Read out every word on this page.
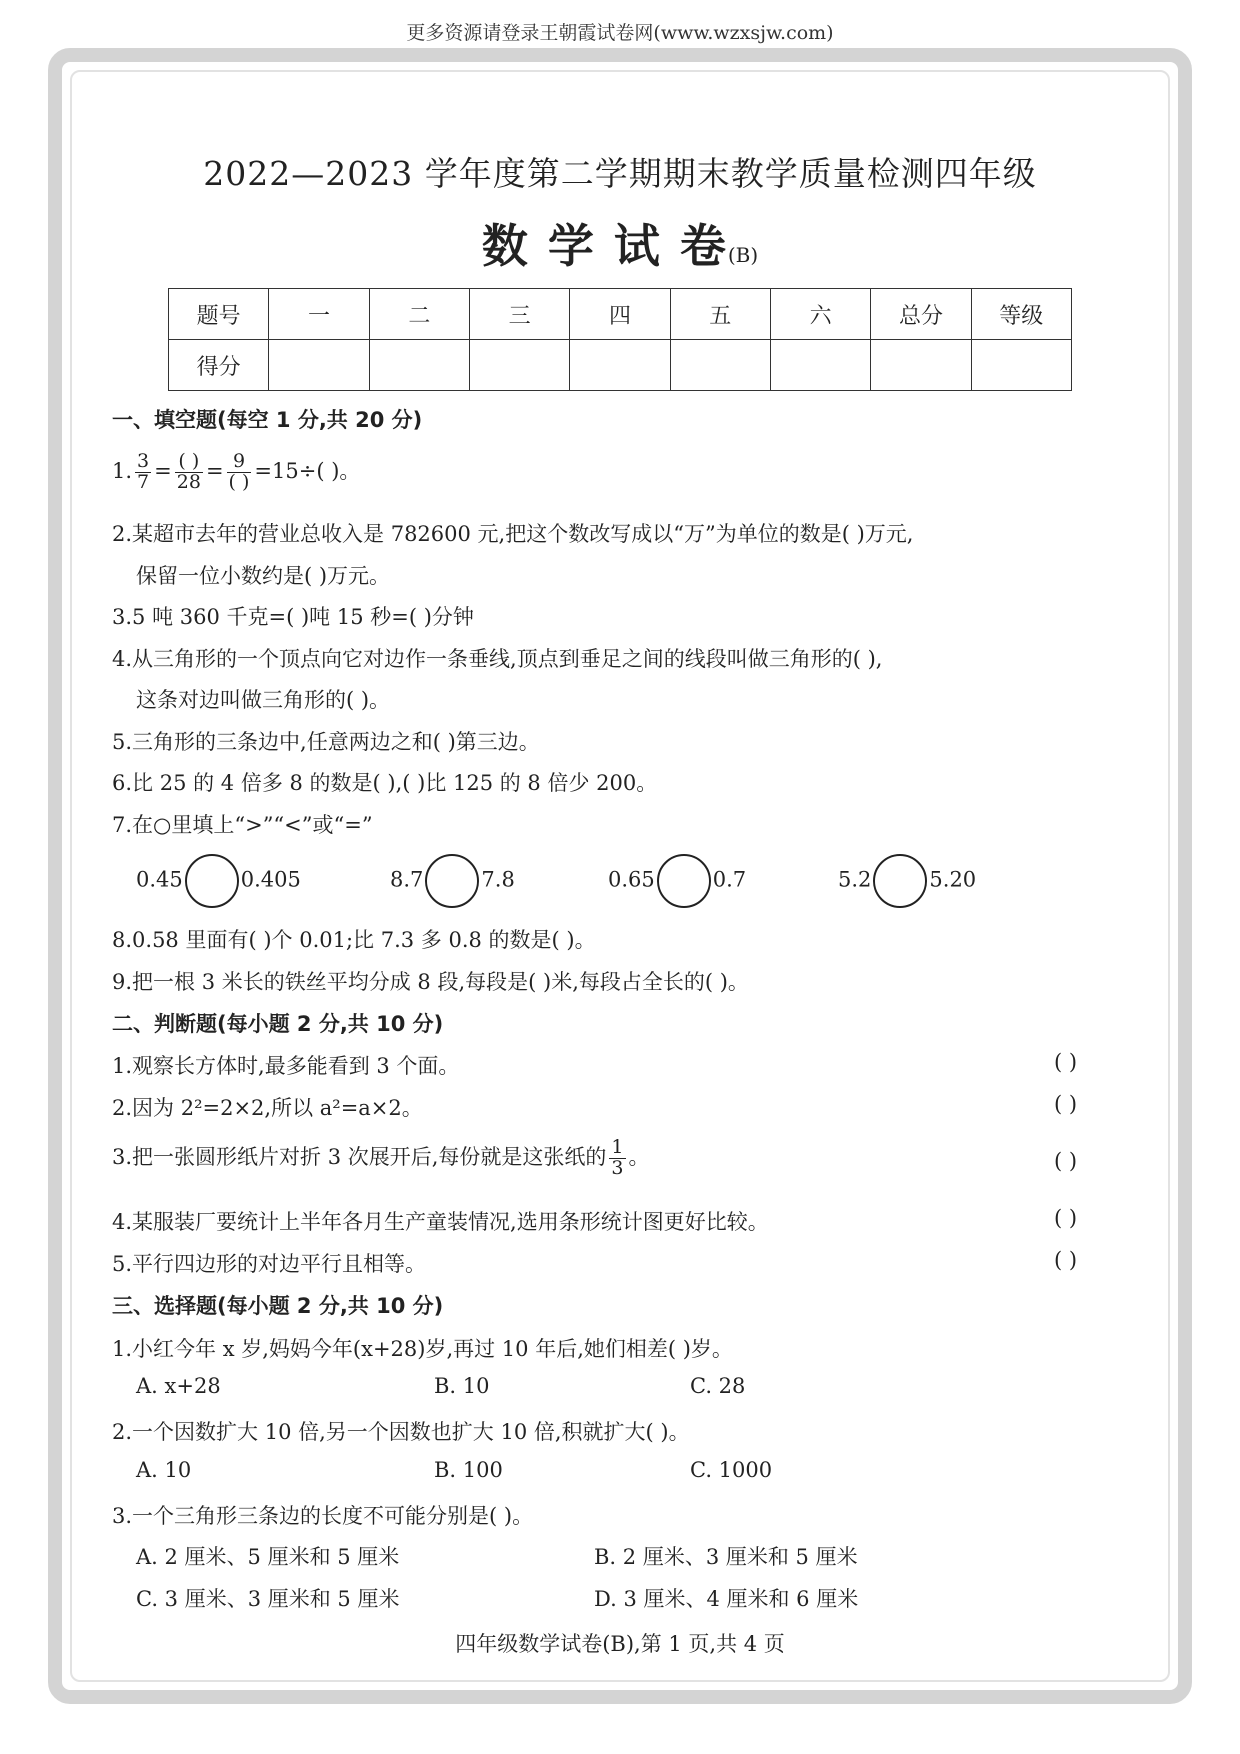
更多资源请登录王朝霞试卷网(www.wzxsjw.com)
2022—2023 学年度第二学期期末教学质量检测四年级
数 学 试 卷(B)
题号	一	二	三	四	五	六	总分	等级
得分								
一、填空题(每空 1 分,共 20 分)
1. $\frac{3}{7} = \frac{( )}{28} = \frac{9}{( )} =15\div$( )。
2.某超市去年的营业总收入是 782600 元,把这个数改写成以“万”为单位的数是( )万元,
保留一位小数约是( )万元。
3.5 吨 360 千克=( )吨 15 秒=( )分钟
4.从三角形的一个顶点向它对边作一条垂线,顶点到垂足之间的线段叫做三角形的( ),
这条对边叫做三角形的( )。
5.三角形的三条边中,任意两边之和( )第三边。
6.比 25 的 4 倍多 8 的数是( ),( )比 125 的 8 倍少 200。
7.在○里填上“>”“<”或“=”
0.45	0.405	8.7	7.8	0.65	0.7	5.2	5.20
8.0.58 里面有( )个 0.01;比 7.3 多 0.8 的数是( )。
9.把一根 3 米长的铁丝平均分成 8 段,每段是( )米,每段占全长的( )。
二、判断题(每小题 2 分,共 10 分)
1.观察长方体时,最多能看到 3 个面。	( )
2.因为 2²=2×2,所以 a²=a×2。	( )
3.把一张圆形纸片对折 3 次展开后,每份就是这张纸的 $\frac{1}{3}$ 。	( )
4.某服装厂要统计上半年各月生产童装情况,选用条形统计图更好比较。	( )
5.平行四边形的对边平行且相等。	( )
三、选择题(每小题 2 分,共 10 分)
1.小红今年 x 岁,妈妈今年(x+28)岁,再过 10 年后,她们相差( )岁。
A. x+28	B. 10	C. 28
2.一个因数扩大 10 倍,另一个因数也扩大 10 倍,积就扩大( )。
A. 10	B. 100	C. 1000
3.一个三角形三条边的长度不可能分别是( )。
A. 2 厘米、5 厘米和 5 厘米	B. 2 厘米、3 厘米和 5 厘米
C. 3 厘米、3 厘米和 5 厘米	D. 3 厘米、4 厘米和 6 厘米
四年级数学试卷(B),第 1 页,共 4 页
